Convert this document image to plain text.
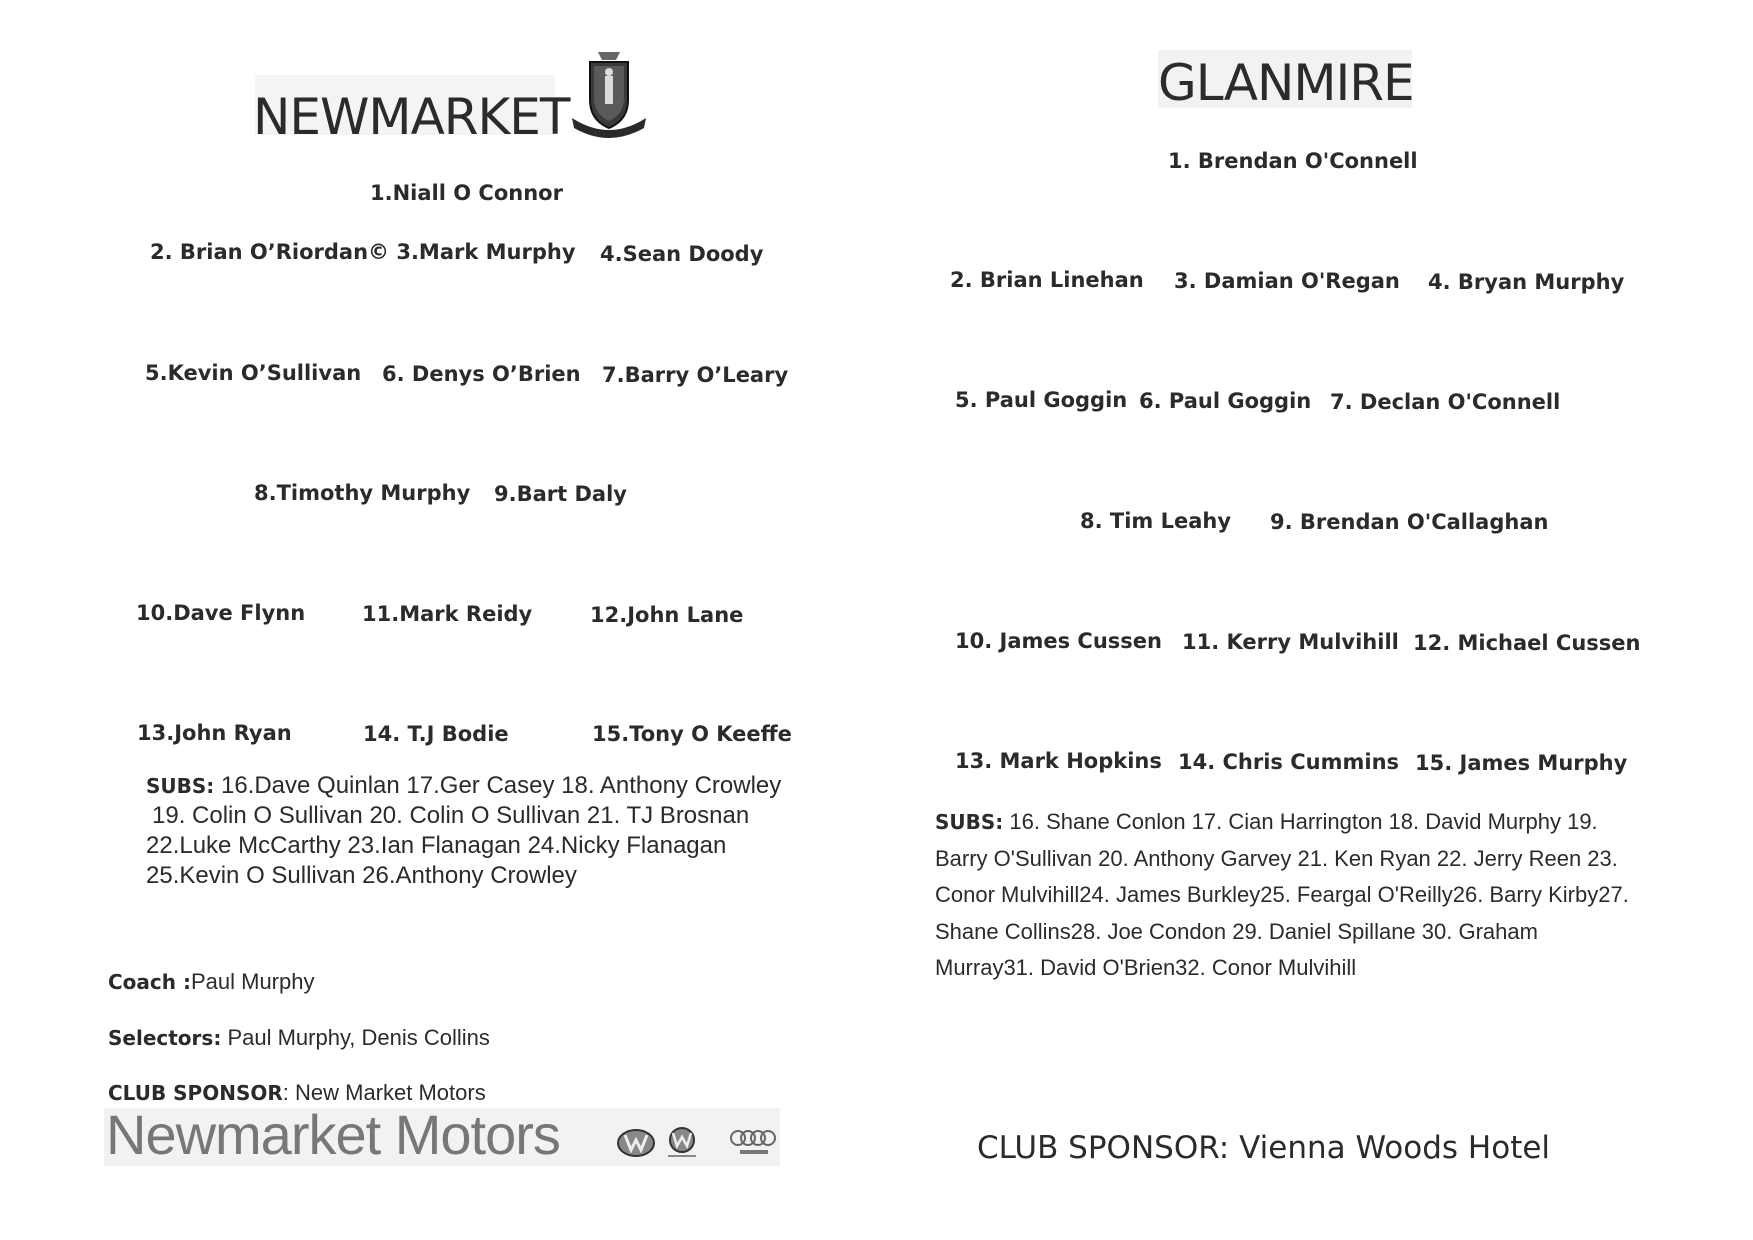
NEWMARKET
1.Niall O Connor
2. Brian O’Riordan© 3.Mark Murphy 4.Sean Doody
5.Kevin O’Sullivan 6. Denys O’Brien 7.Barry O’Leary
8.Timothy Murphy 9.Bart Daly
10.Dave Flynn	11.Mark Reidy	12.John Lane
13.John Ryan	14. T.J Bodie	15.Tony O Keeffe
SUBS: 16.Dave Quinlan 17.Ger Casey 18. Anthony Crowley
19. Colin O Sullivan 20. Colin O Sullivan 21. TJ Brosnan
22.Luke McCarthy 23.Ian Flanagan 24.Nicky Flanagan
25.Kevin O Sullivan 26.Anthony Crowley
Coach :Paul Murphy
Selectors: Paul Murphy, Denis Collins
CLUB SPONSOR: New Market Motors
Newmarket Motors
GLANMIRE
1. Brendan O'Connell
2. Brian Linehan 3. Damian O'Regan 4. Bryan Murphy
5. Paul Goggin 6. Paul Goggin 7. Declan O'Connell
8. Tim Leahy 9. Brendan O'Callaghan
10. James Cussen 11. Kerry Mulvihill 12. Michael Cussen
13. Mark Hopkins 14. Chris Cummins 15. James Murphy
SUBS: 16. Shane Conlon 17. Cian Harrington 18. David Murphy 19. Barry O'Sullivan 20. Anthony Garvey 21. Ken Ryan 22. Jerry Reen 23. Conor Mulvihill24. James Burkley25. Feargal O'Reilly26. Barry Kirby27. Shane Collins28. Joe Condon 29. Daniel Spillane 30. Graham Murray31. David O'Brien32. Conor Mulvihill
CLUB SPONSOR: Vienna Woods Hotel
